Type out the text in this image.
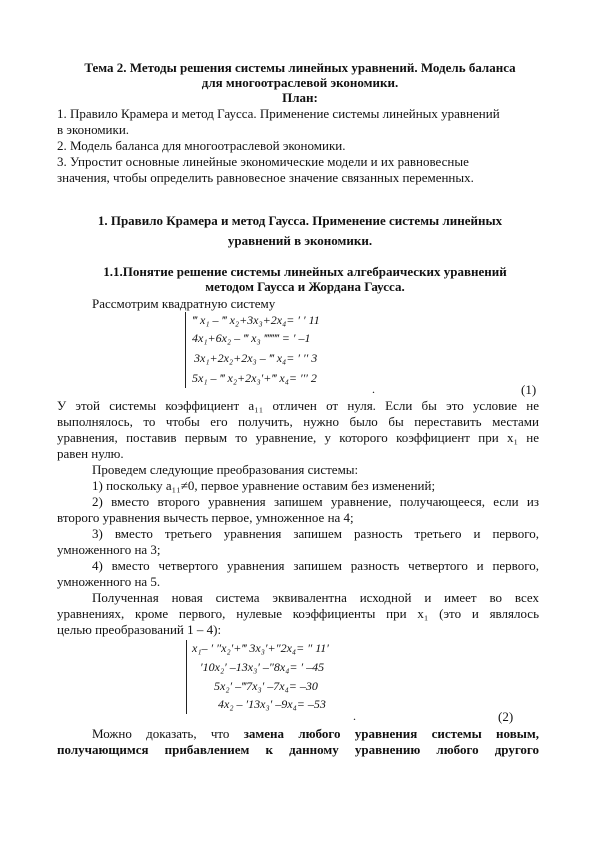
Тема 2. Методы решения системы линейных уравнений. Модель баланса
для многоотраслевой экономики.
План:
1. Правило Крамера и метод Гаусса. Применение системы линейных уравнений
в экономики.
2. Модель баланса для многоотраслевой экономики.
3. Упростит основные линейные экономические модели и их равновесные
значения, чтобы определить равновесное значение связанных переменных.
1. Правило Крамера и метод Гаусса. Применение системы линейных
уравнений в экономики.
1.1.Понятие решение системы линейных алгебраических уравнений
методом Гаусса и Жордана Гаусса.
Рассмотрим квадратную систему
‴ x₁ – ‴ x₂+3x₃+2x₄= ′ ′ 11
4x₁+6x₂ – ‴ x₃ ‴‴‴ = ′ –1
3x₁+2x₂+2x₃ – ‴ x₄= ′ ′′ 3
5x₁ – ‴ x₂+2x₃′+‴ x₄= ′′′ 2
.	(1)
У этой системы коэффициент a₁₁ отличен от нуля. Если бы это условие не
выполнялось, то чтобы его получить, нужно было бы переставить местами
уравнения, поставив первым то уравнение, у которого коэффициент при x₁ не
равен нулю.
Проведем следующие преобразования системы:
1) поскольку a₁₁≠0, первое уравнение оставим без изменений;
2) вместо второго уравнения запишем уравнение, получающееся, если из
второго уравнения вычесть первое, умноженное на 4;
3) вместо третьего уравнения запишем разность третьего и первого,
умноженного на 3;
4) вместо четвертого уравнения запишем разность четвертого и первого,
умноженного на 5.
Полученная новая система эквивалентна исходной и имеет во всех
уравнениях, кроме первого, нулевые коэффициенты при x₁ (это и являлось
целью преобразований 1 – 4):
x₁– ′ ″x₂′+‴ 3x₃′+″2x₄= ″ 11′
′10x₂′ –13x₃′ –″8x₄= ′ –45
5x₂′ –‴7x₃′ –7x₄= –30
4x₂ – ′13x₃′ –9x₄= –53
.	(2)
Можно доказать, что замена любого уравнения системы новым,
получающимся прибавлением к данному уравнению любого другого
